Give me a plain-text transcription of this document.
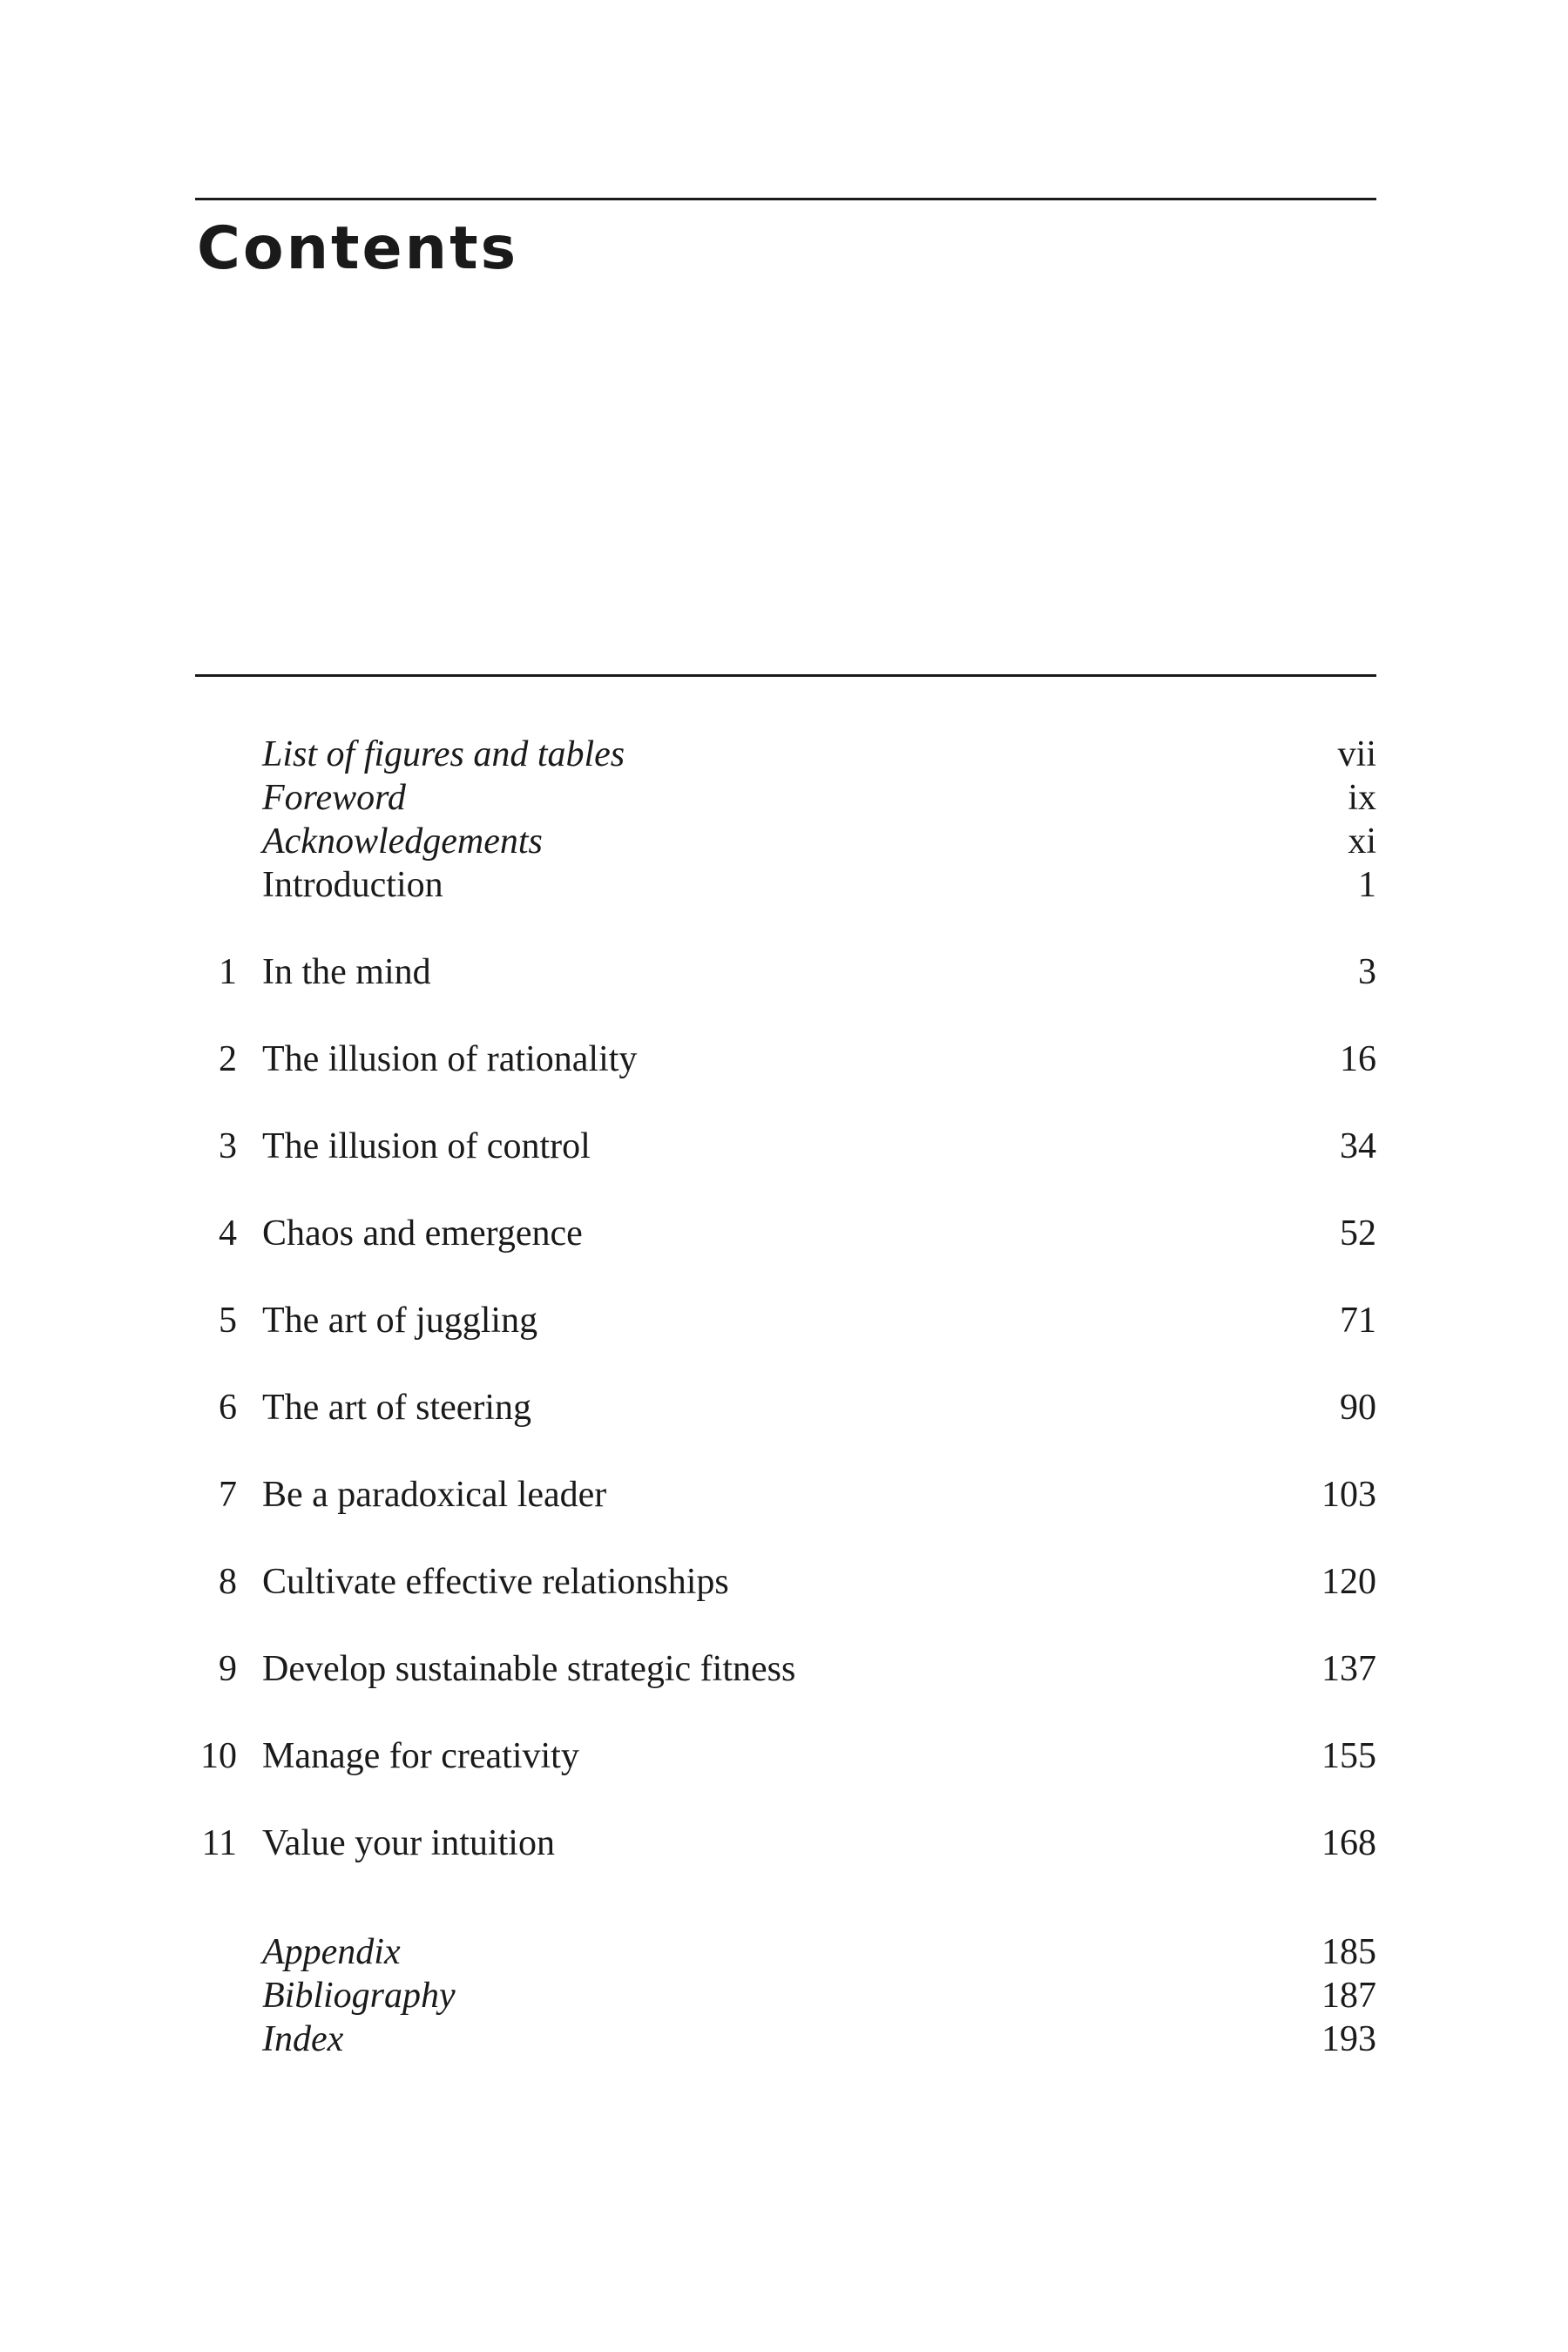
Contents
List of figures and tables	vii
Foreword	ix
Acknowledgements	xi
Introduction	1
1 In the mind	3
2 The illusion of rationality	16
3 The illusion of control	34
4 Chaos and emergence	52
5 The art of juggling	71
6 The art of steering	90
7 Be a paradoxical leader	103
8 Cultivate effective relationships	120
9 Develop sustainable strategic fitness	137
10 Manage for creativity	155
11 Value your intuition	168
Appendix	185
Bibliography	187
Index	193
